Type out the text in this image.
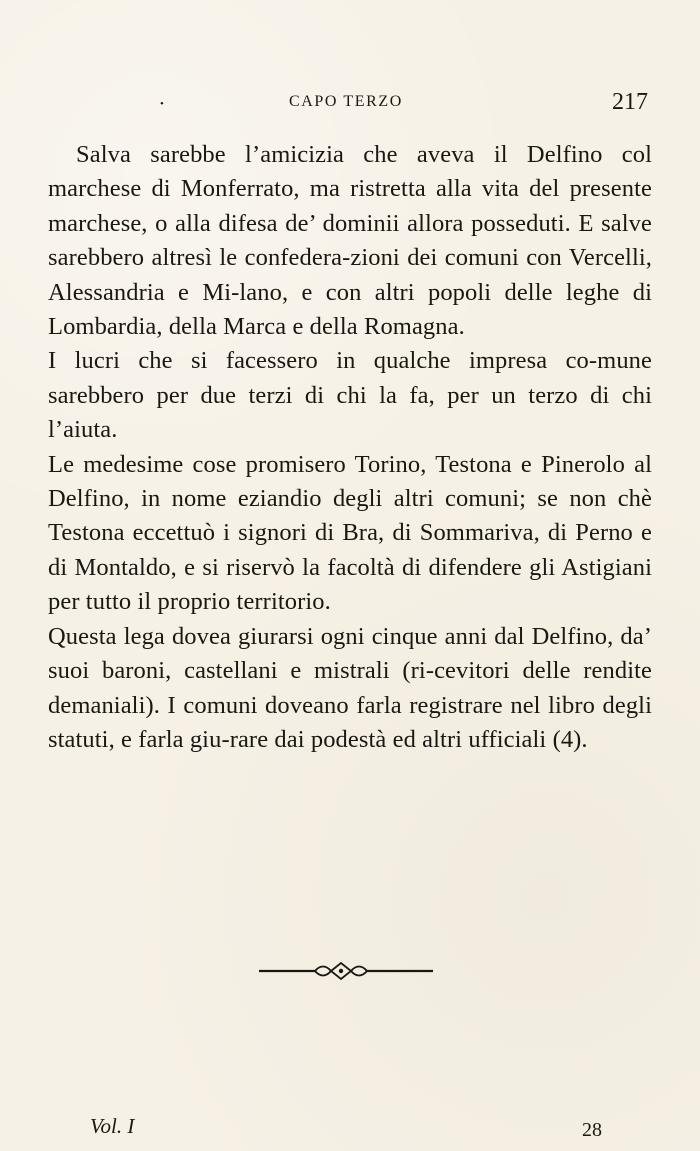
•	CAPO TERZO	217

Salva sarebbe l’amicizia che aveva il Delfino col marchese di Monferrato, ma ristretta alla vita del presente marchese, o alla difesa de’ dominii allora posseduti. E salve sarebbero altresì le confedera-zioni dei comuni con Vercelli, Alessandria e Mi-lano, e con altri popoli delle leghe di Lombardia, della Marca e della Romagna.

I lucri che si facessero in qualche impresa co-mune sarebbero per due terzi di chi la fa, per un terzo di chi l’aiuta.

Le medesime cose promisero Torino, Testona e Pinerolo al Delfino, in nome eziandio degli altri comuni; se non chè Testona eccettuò i signori di Bra, di Sommariva, di Perno e di Montaldo, e si riservò la facoltà di difendere gli Astigiani per tutto il proprio territorio.

Questa lega dovea giurarsi ogni cinque anni dal Delfino, da’ suoi baroni, castellani e mistrali (ri-cevitori delle rendite demaniali). I comuni doveano farla registrare nel libro degli statuti, e farla giu-rare dai podestà ed altri ufficiali (4).

Vol. I	28
